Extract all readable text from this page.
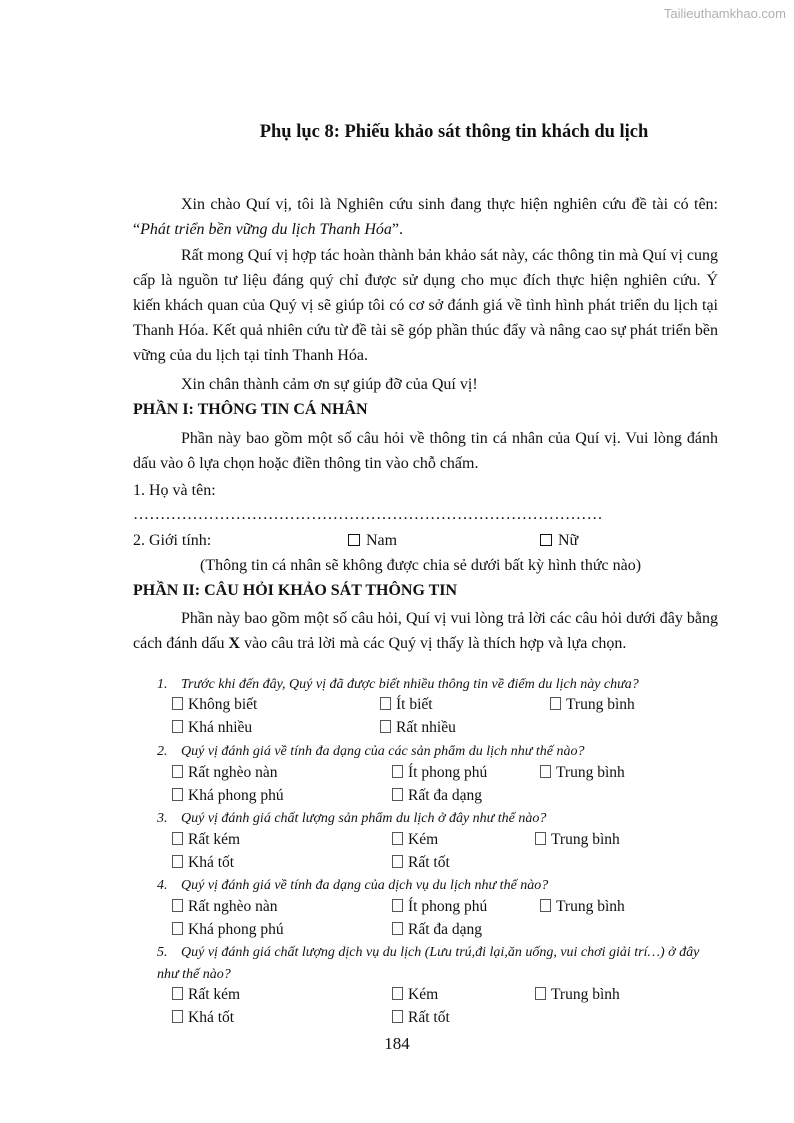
Tailieuthamkhao.com
Phụ lục 8: Phiếu khảo sát thông tin khách du lịch
Xin chào Quí vị, tôi là Nghiên cứu sinh đang thực hiện nghiên cứu đề tài có tên: “Phát triển bền vững du lịch Thanh Hóa”.
Rất mong Quí vị hợp tác hoàn thành bản khảo sát này, các thông tin mà Quí vị cung cấp là nguồn tư liệu đáng quý chỉ được sử dụng cho mục đích thực hiện nghiên cứu. Ý kiến khách quan của Quý vị sẽ giúp tôi có cơ sở đánh giá về tình hình phát triển du lịch tại Thanh Hóa. Kết quả nhiên cứu từ đề tài sẽ góp phần thúc đẩy và nâng cao sự phát triển bền vững của du lịch tại tỉnh Thanh Hóa.
Xin chân thành cảm ơn sự giúp đỡ của Quí vị!
PHẦN I: THÔNG TIN CÁ NHÂN
Phần này bao gồm một số câu hỏi về thông tin cá nhân của Quí vị. Vui lòng đánh dấu vào ô lựa chọn hoặc điền thông tin vào chỗ chấm.
1. Họ và tên:
……………………………………………………………………………
2. Giới tính:	Nam	Nữ
(Thông tin cá nhân sẽ không được chia sẻ dưới bất kỳ hình thức nào)
PHẦN II: CÂU HỎI KHẢO SÁT THÔNG TIN
Phần này bao gồm một số câu hỏi, Quí vị vui lòng trả lời các câu hỏi dưới đây bằng cách đánh dấu X vào câu trả lời mà các Quý vị thấy là thích hợp và lựa chọn.
1. Trước khi đến đây, Quý vị đã được biết nhiều thông tin về điểm du lịch này chưa?
Không biết	Ít biết	Trung bình
Khá nhiều	Rất nhiều
2. Quý vị đánh giá về tính đa dạng của các sản phẩm du lịch như thế nào?
Rất nghèo nàn	Ít phong phú	Trung bình
Khá phong phú	Rất đa dạng
3. Quý vị đánh giá chất lượng sản phẩm du lịch ở đây như thế nào?
Rất kém	Kém	Trung bình
Khá tốt	Rất tốt
4. Quý vị đánh giá về tính đa dạng của dịch vụ du lịch như thế nào?
Rất nghèo nàn	Ít phong phú	Trung bình
Khá phong phú	Rất đa dạng
5. Quý vị đánh giá chất lượng dịch vụ du lịch (Lưu trú,đi lại,ăn uống, vui chơi giải trí…) ở đây như thế nào?
Rất kém	Kém	Trung bình
Khá tốt	Rất tốt
184
